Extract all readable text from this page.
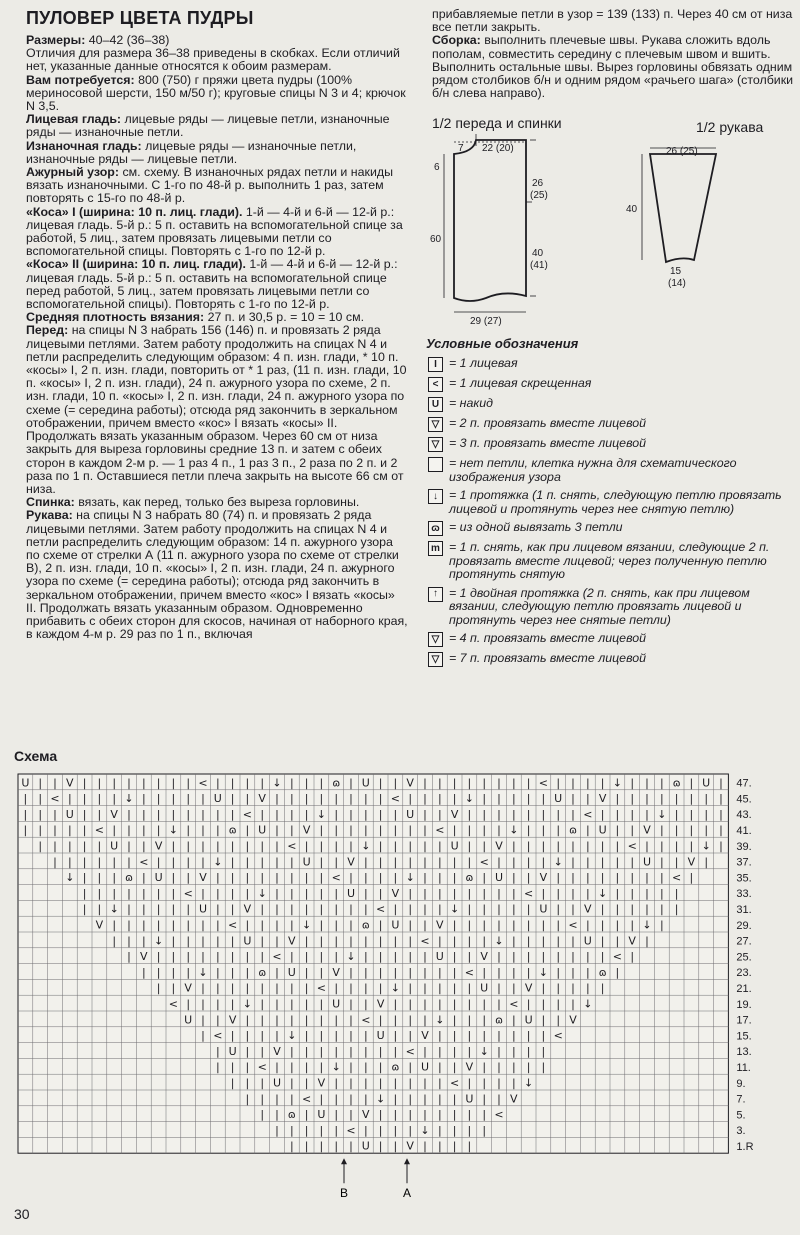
ПУЛОВЕР ЦВЕТА ПУДРЫ

Размеры: 40–42 (36–38)

Отличия для размера 36–38 приведены в скобках. Если отличий нет, указанные данные относятся к обоим размерам.

Вам потребуется: 800 (750) г пряжи цвета пудры (100% мериносовой шерсти, 150 м/50 г); круговые спицы N 3 и 4; крючок N 3,5.

Лицевая гладь: лицевые ряды — лицевые петли, изнаночные ряды — изнаночные петли.

Изнаночная гладь: лицевые ряды — изнаночные петли, изнаночные ряды — лицевые петли.

Ажурный узор: см. схему. В изнаночных рядах петли и накиды вязать изнаночными. С 1-го по 48-й р. выполнить 1 раз, затем повторять с 15-го по 48-й р.

«Коса» I (ширина: 10 п. лиц. глади). 1-й — 4-й и 6-й — 12-й р.: лицевая гладь. 5-й р.: 5 п. оставить на вспомогательной спице за работой, 5 лиц., затем провязать лицевыми петли со вспомогательной спицы. Повторять с 1-го по 12-й р.

«Коса» II (ширина: 10 п. лиц. глади). 1-й — 4-й и 6-й — 12-й р.: лицевая гладь. 5-й р.: 5 п. оставить на вспомогательной спице перед работой, 5 лиц., затем провязать лицевыми петли со вспомогательной спицы). Повторять с 1-го по 12-й р.

Средняя плотность вязания: 27 п. и 30,5 р. = 10 = 10 см.

Перед: на спицы N 3 набрать 156 (146) п. и провязать 2 ряда лицевыми петлями. Затем работу продолжить на спицах N 4 и петли распределить следующим образом: 4 п. изн. глади, * 10 п. «косы» I, 2 п. изн. глади, повторить от * 1 раз, (11 п. изн. глади, 10 п. «косы» I, 2 п. изн. глади), 24 п. ажурного узора по схеме, 2 п. изн. глади, 10 п. «косы» I, 2 п. изн. глади, 24 п. ажурного узора по схеме (= середина работы); отсюда ряд закончить в зеркальном отображении, причем вместо «кос» I вязать «косы» II. Продолжать вязать указанным образом. Через 60 см от низа закрыть для выреза горловины средние 13 п. и затем с обеих сторон в каждом 2-м р. — 1 раз 4 п., 1 раз 3 п., 2 раза по 2 п. и 2 раза по 1 п. Оставшиеся петли плеча закрыть на высоте 66 см от низа.

Спинка: вязать, как перед, только без выреза горловины.

Рукава: на спицы N 3 набрать 80 (74) п. и провязать 2 ряда лицевыми петлями. Затем работу продолжить на спицах N 4 и петли распределить следующим образом: 14 п. ажурного узора по схеме от стрелки А (11 п. ажурного узора по схеме от стрелки В), 2 п. изн. глади, 10 п. «косы» I, 2 п. изн. глади, 24 п. ажурного узора по схеме (= середина работы); отсюда ряд закончить в зеркальном отображении, причем вместо «кос» I вязать «косы» II. Продолжать вязать указанным образом. Одновременно прибавить с обеих сторон для скосов, начиная от наборного края, в каждом 4-м р. 29 раз по 1 п., включая

прибавляемые петли в узор = 139 (133) п. Через 40 см от низа все петли закрыть.

Сборка: выполнить плечевые швы. Рукава сложить вдоль пополам, совместить середину с плечевым швом и вшить. Выполнить остальные швы. Вырез горловины обвязать одним рядом столбиков б/н и одним рядом «рачьего шага» (столбики б/н слева направо).

1/2 переда и спинки	1/2 рукава
7 22 (20)
6
26
(25)
60
40
(41)
29 (27)
26 (25)
40
15
(14)
Условные обозначения
I = 1 лицевая
< = 1 лицевая скрещенная
U = накид
▽ = 2 п. провязать вместе лицевой
▽ = 3 п. провязать вместе лицевой
= нет петли, клетка нужна для схематического изображения узора
↓ = 1 протяжка (1 п. снять, следующую петлю провязать лицевой и протянуть через нее снятую петлю)
ɷ = из одной вывязать 3 петли
m = 1 п. снять, как при лицевом вязании, следующие 2 п. провязать вместе лицевой; через полученную петлю протянуть снятую
↑ = 1 двойная протяжка (2 п. снять, как при лицевом вязании, следующую петлю провязать лицевой и протянуть через нее снятые петли)
▽ = 4 п. провязать вместе лицевой
▽ = 7 п. провязать вместе лицевой
Схема
U | | V | | | | | | | | < | | | | ↓ | | | ɷ | U | | V | | | | | | | | < | | | | ↓ | | | ɷ | U |
| | < | | | | ↓ | | | | | U | | V | | | | | | | | < | | | | ↓ | | | | | U | | V | | | | | | | |
| | | U | | V | | | | | | | | < | | | | ↓ | | | | | U | | V | | | | | | | | < | | | | ↓ | | | |
| | | | | < | | | | ↓ | | | ɷ | U | | V | | | | | | | | < | | | | ↓ | | | ɷ | U | | V | | | | |
| | | | | U | | V | | | | | | | | < | | | | ↓ | | | | | U | | V | | | | | | | | < | | | | ↓ |
| | | | | | < | | | | ↓ | | | | | U | | V | | | | | | | | < | | | | ↓ | | | | | U | | V |
↓ | | | ɷ | U | | V | | | | | | | | < | | | | ↓ | | | ɷ | U | | V | | | | | | | | < |
| | | | | | | < | | | | ↓ | | | | | U | | V | | | | | | | | < | | | | ↓ | | | | |
| | ↓ | | | | | U | | V | | | | | | | | < | | | | ↓ | | | | | U | | V | | | | | |
V | | | | | | | | < | | | | ↓ | | | ɷ | U | | V | | | | | | | | < | | | | ↓ |
| | | ↓ | | | | | U | | V | | | | | | | | < | | | | ↓ | | | | | U | | V |
| V | | | | | | | | < | | | | ↓ | | | | | U | | V | | | | | | | | < |
| | | | ↓ | | | ɷ | U | | V | | | | | | | | < | | | | ↓ | | | ɷ |
| | V | | | | | | | | < | | | | ↓ | | | | | U | | V | | | | |
< | | | | ↓ | | | | | U | | V | | | | | | | | < | | | | ↓
U | | V | | | | | | | | < | | | | ↓ | | | ɷ | U | | V
| < | | | | ↓ | | | | | U | | V | | | | | | | | <
| U | | V | | | | | | | | < | | | | ↓ | | | |
| | | < | | | | ↓ | | | ɷ | U | | V | | | | |
| | | U | | V | | | | | | | | < | | | | ↓
| | | | < | | | | ↓ | | | | | U | | V
| | ɷ | U | | V | | | | | | | | <
| | | | | < | | | | ↓ | | | |
| | | | | U | | V | | | |
47.
45.
43.
41.
39.
37.
35.
33.
31.
29.
27.
25.
23.
21.
19.
17.
15.
13.
11.
9.
7.
5.
3.
1.R
B	A
30
